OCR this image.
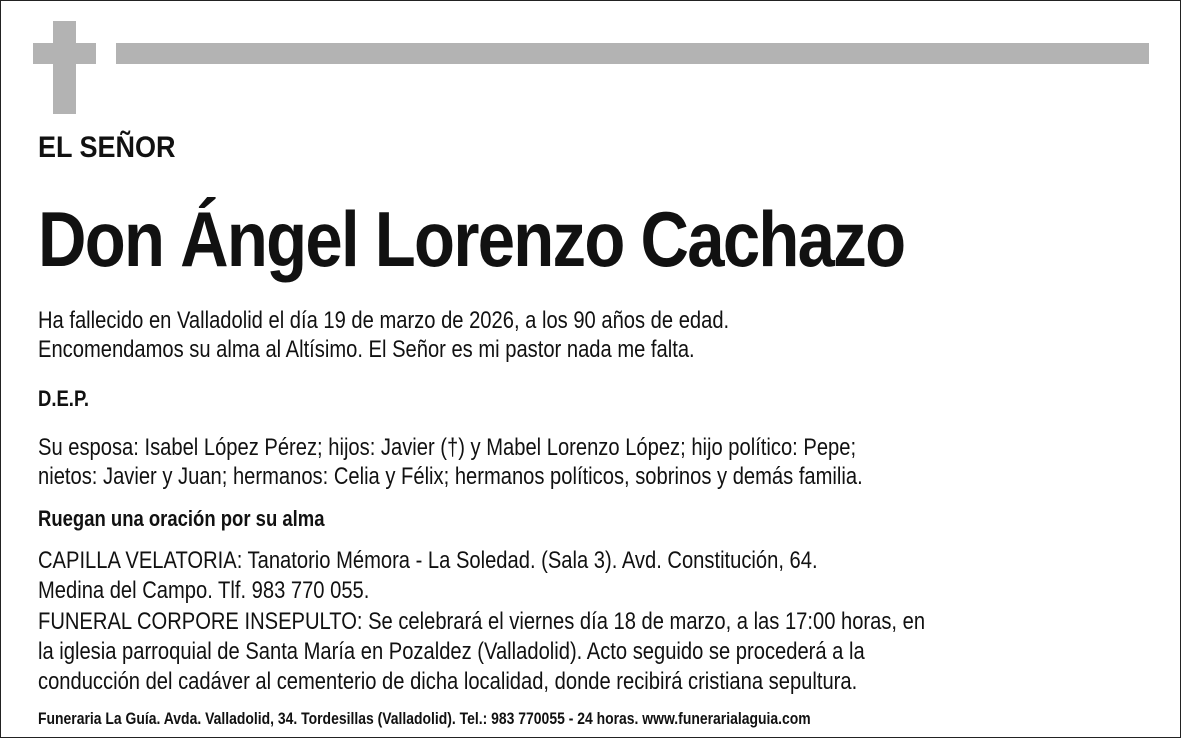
EL SEÑOR
Don Ángel Lorenzo Cachazo
Ha fallecido en Valladolid el día 19 de marzo de 2026, a los 90 años de edad.
Encomendamos su alma al Altísimo. El Señor es mi pastor nada me falta.
D.E.P.
Su esposa: Isabel López Pérez; hijos: Javier (†) y Mabel Lorenzo López; hijo político: Pepe;
nietos: Javier y Juan; hermanos: Celia y Félix; hermanos políticos, sobrinos y demás familia.
Ruegan una oración por su alma
CAPILLA VELATORIA: Tanatorio Mémora - La Soledad. (Sala 3). Avd. Constitución, 64.
Medina del Campo. Tlf. 983 770 055.
FUNERAL CORPORE INSEPULTO: Se celebrará el viernes día 18 de marzo, a las 17:00 horas, en
la iglesia parroquial de Santa María en Pozaldez (Valladolid). Acto seguido se procederá a la
conducción del cadáver al cementerio de dicha localidad, donde recibirá cristiana sepultura.
Funeraria La Guía. Avda. Valladolid, 34. Tordesillas (Valladolid). Tel.: 983 770055 - 24 horas. www.funerarialaguia.com
